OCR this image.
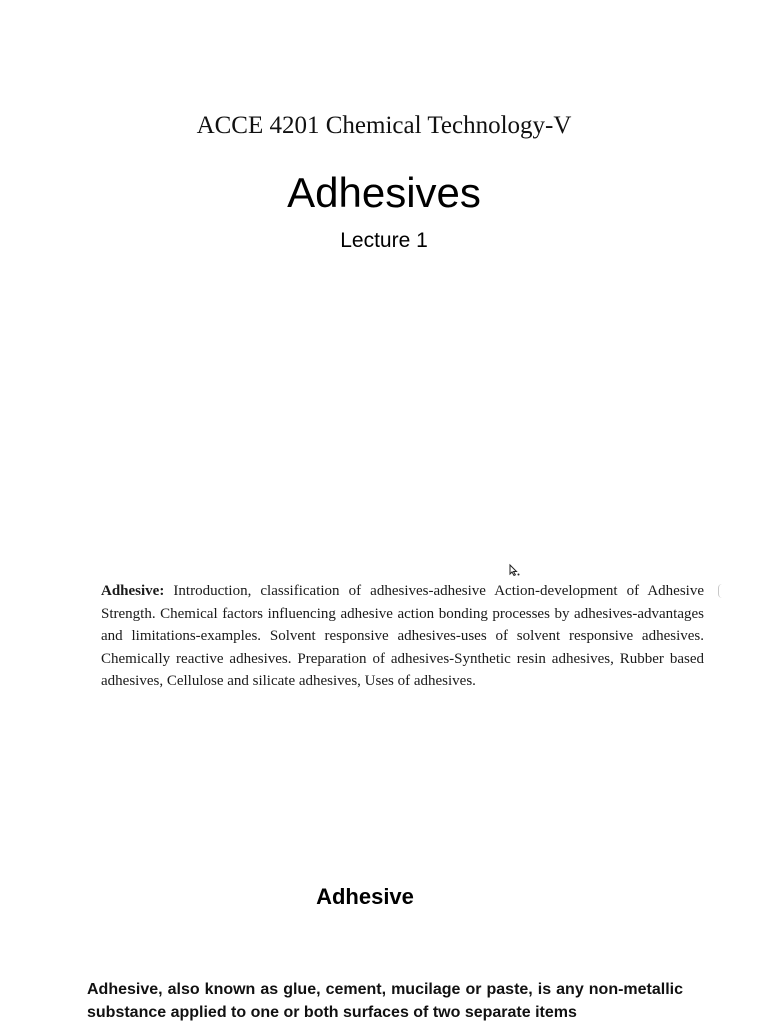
ACCE 4201 Chemical Technology-V
Adhesives
Lecture 1

Adhesive: Introduction, classification of adhesives-adhesive Action-development of Adhesive Strength. Chemical factors influencing adhesive action bonding processes by adhesives-advantages and limitations-examples. Solvent responsive adhesives-uses of solvent responsive adhesives. Chemically reactive adhesives. Preparation of adhesives-Synthetic resin adhesives, Rubber based adhesives, Cellulose and silicate adhesives, Uses of adhesives.

Adhesive

Adhesive, also known as glue, cement, mucilage or paste, is any non-metallic substance applied to one or both surfaces of two separate items
